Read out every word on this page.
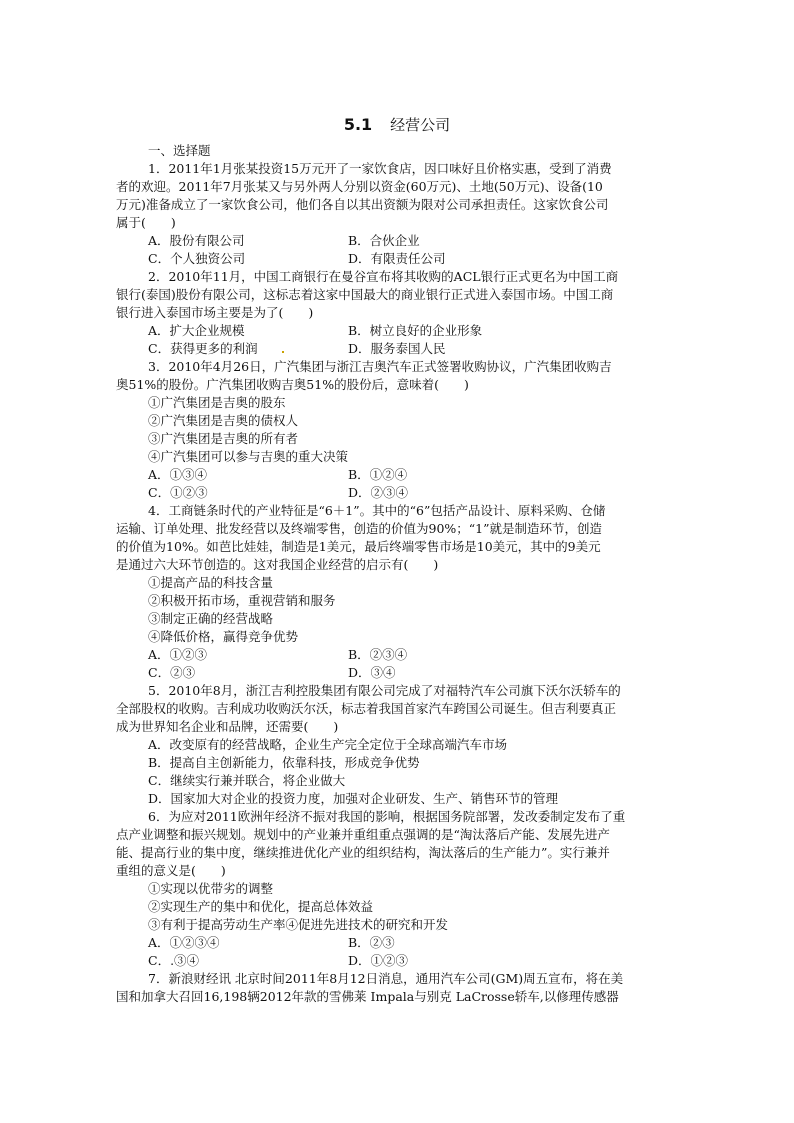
5.1 经营公司
一、选择题
1．2011年1月张某投资15万元开了一家饮食店，因口味好且价格实惠，受到了消费
者的欢迎。2011年7月张某又与另外两人分别以资金(60万元)、土地(50万元)、设备(10
万元)准备成立了一家饮食公司，他们各自以其出资额为限对公司承担责任。这家饮食公司
属于(　　)
A．股份有限公司	B．合伙企业
C．个人独资公司	D．有限责任公司
2．2010年11月，中国工商银行在曼谷宣布将其收购的ACL银行正式更名为中国工商
银行(泰国)股份有限公司，这标志着这家中国最大的商业银行正式进入泰国市场。中国工商
银行进入泰国市场主要是为了(　　)
A．扩大企业规模	B．树立良好的企业形象
C．获得更多的利润	D．服务泰国人民
3．2010年4月26日，广汽集团与浙江吉奥汽车正式签署收购协议，广汽集团收购吉
奥51%的股份。广汽集团收购吉奥51%的股份后，意味着(　　)
①广汽集团是吉奥的股东
②广汽集团是吉奥的债权人
③广汽集团是吉奥的所有者
④广汽集团可以参与吉奥的重大决策
A．①③④	B．①②④
C．①②③	D．②③④
4．工商链条时代的产业特征是“6＋1”。其中的“6”包括产品设计、原料采购、仓储
运输、订单处理、批发经营以及终端零售，创造的价值为90%；“1”就是制造环节，创造
的价值为10%。如芭比娃娃，制造是1美元，最后终端零售市场是10美元，其中的9美元
是通过六大环节创造的。这对我国企业经营的启示有(　　)
①提高产品的科技含量
②积极开拓市场，重视营销和服务
③制定正确的经营战略
④降低价格，赢得竞争优势
A．①②③	B．②③④
C．②③	D．③④
5．2010年8月，浙江吉利控股集团有限公司完成了对福特汽车公司旗下沃尔沃轿车的
全部股权的收购。吉利成功收购沃尔沃，标志着我国首家汽车跨国公司诞生。但吉利要真正
成为世界知名企业和品牌，还需要(　　)
A．改变原有的经营战略，企业生产完全定位于全球高端汽车市场
B．提高自主创新能力，依靠科技，形成竞争优势
C．继续实行兼并联合，将企业做大
D．国家加大对企业的投资力度，加强对企业研发、生产、销售环节的管理
6．为应对2011欧洲年经济不振对我国的影响，根据国务院部署，发改委制定发布了重
点产业调整和振兴规划。规划中的产业兼并重组重点强调的是“淘汰落后产能、发展先进产
能、提高行业的集中度，继续推进优化产业的组织结构，淘汰落后的生产能力”。实行兼并
重组的意义是(　　)
①实现以优带劣的调整
②实现生产的集中和优化，提高总体效益
③有利于提高劳动生产率④促进先进技术的研究和开发
A．①②③④	B．②③
C．.③④	D．①②③
7．新浪财经讯 北京时间2011年8月12日消息，通用汽车公司(GM)周五宣布，将在美
国和加拿大召回16,198辆2012年款的雪佛莱 Impala与别克 LaCrosse轿车,以修理传感器
